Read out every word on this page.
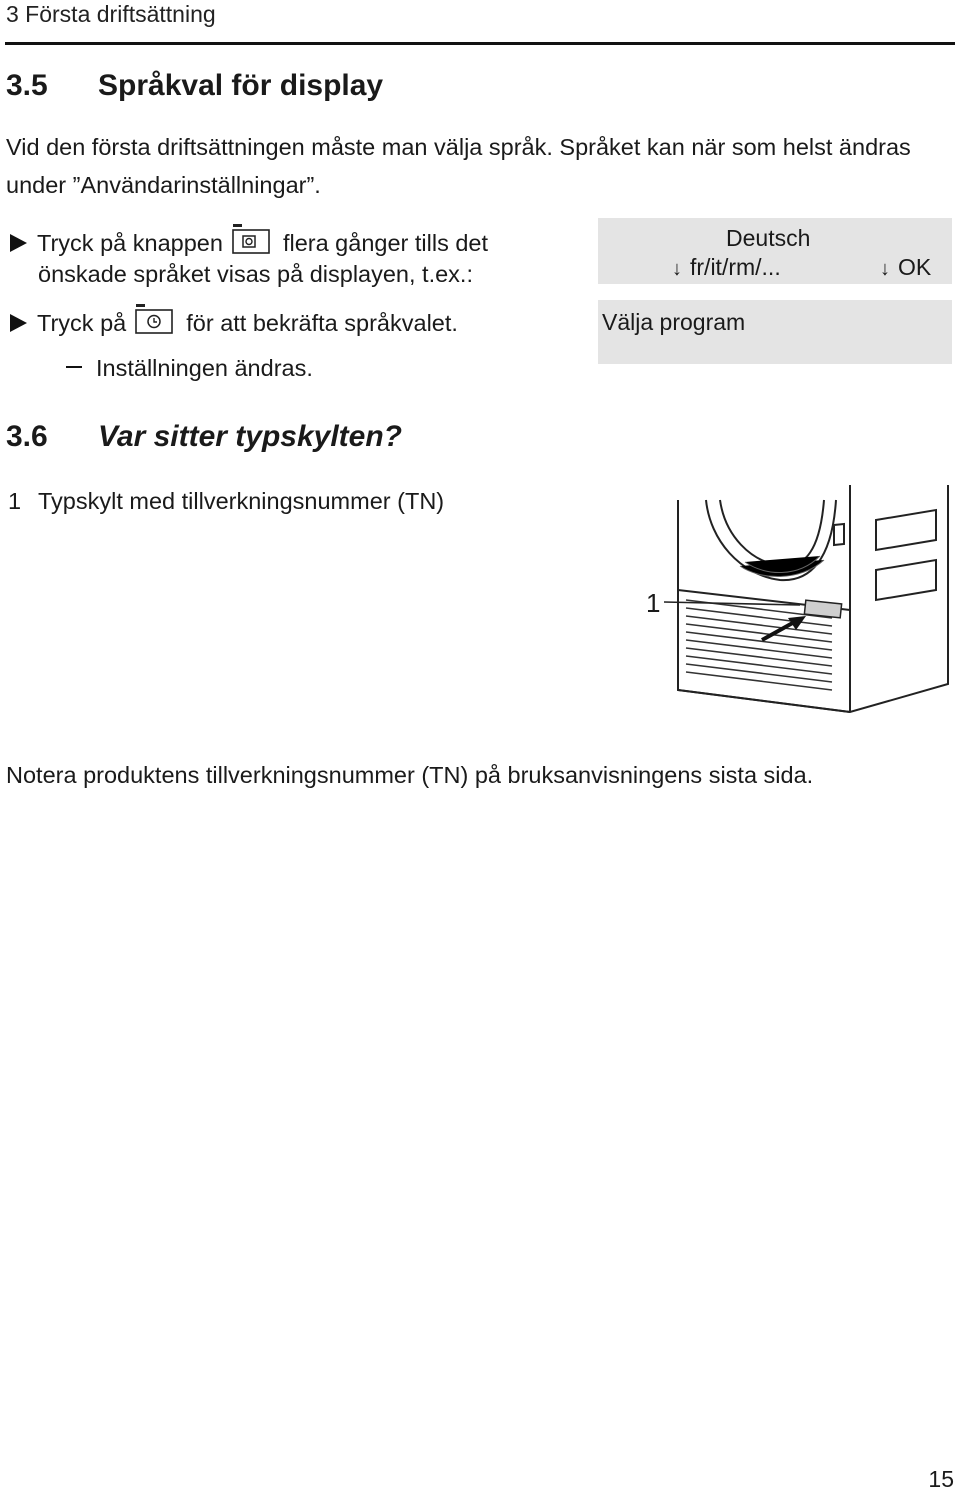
3 Första driftsättning
3.5 Språkval för display
Vid den första driftsättningen måste man välja språk. Språket kan när som helst ändras under ”Användarinställningar”.
Tryck på knappen	flera gånger tills det
önskade språket visas på displayen, t.ex.:
Tryck på	för att bekräfta språkvalet.
Inställningen ändras.
Deutsch
↓ fr/it/rm/...	↓ OK
Välja program
3.6 Var sitter typskylten?
1 Typskylt med tillverkningsnummer (TN)
1
Notera produktens tillverkningsnummer (TN) på bruksanvisningens sista sida.
15
